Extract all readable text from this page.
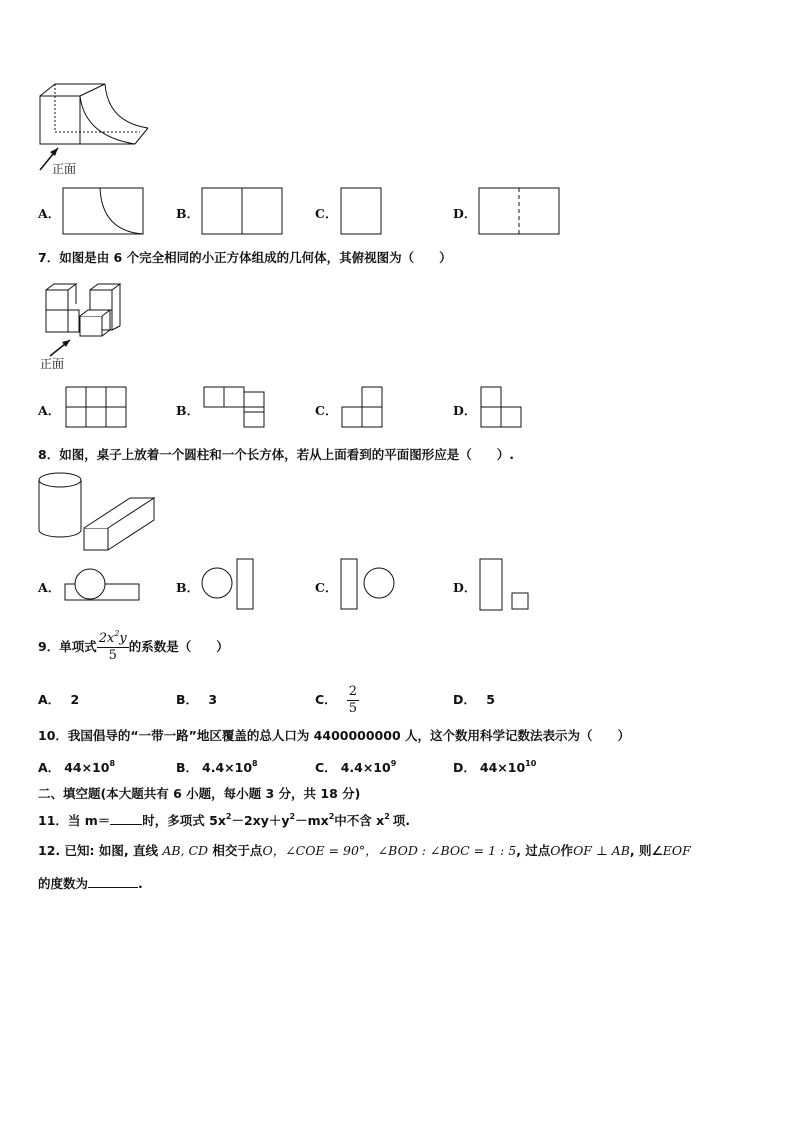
正面
A．	B．	C．	D．
7．如图是由 6 个完全相同的小正方体组成的几何体，其俯视图为（　　）
正面
A．	B．	C．	D．
8．如图，桌子上放着一个圆柱和一个长方体，若从上面看到的平面图形应是（　　）.
A．	B．	C．	D．
9．单项式 $\frac{2x^2y}{5}$ 的系数是（　　）
A． 2	B． 3	C． $\frac{2}{5}$	D． 5
10．我国倡导的“一带一路”地区覆盖的总人口为 4400000000 人，这个数用科学记数法表示为（　　）
A． $44\times 10^8$	B． $4.4\times 10^8$	C． $4.4\times 10^9$	D． $44\times 10^{10}$
二、填空题(本大题共有 6 小题，每小题 3 分，共 18 分)
11．当 m＝	时，多项式 $5x^2-2xy+y^2-mx^2$中不含 $x^2$ 项.
12. 已知: 如图, 直线 AB, CD 相交于点O，∠COE = 90°，∠BOD : ∠BOC = 1 : 5, 过点O作OF ⊥ AB, 则∠EOF
的度数为	.
